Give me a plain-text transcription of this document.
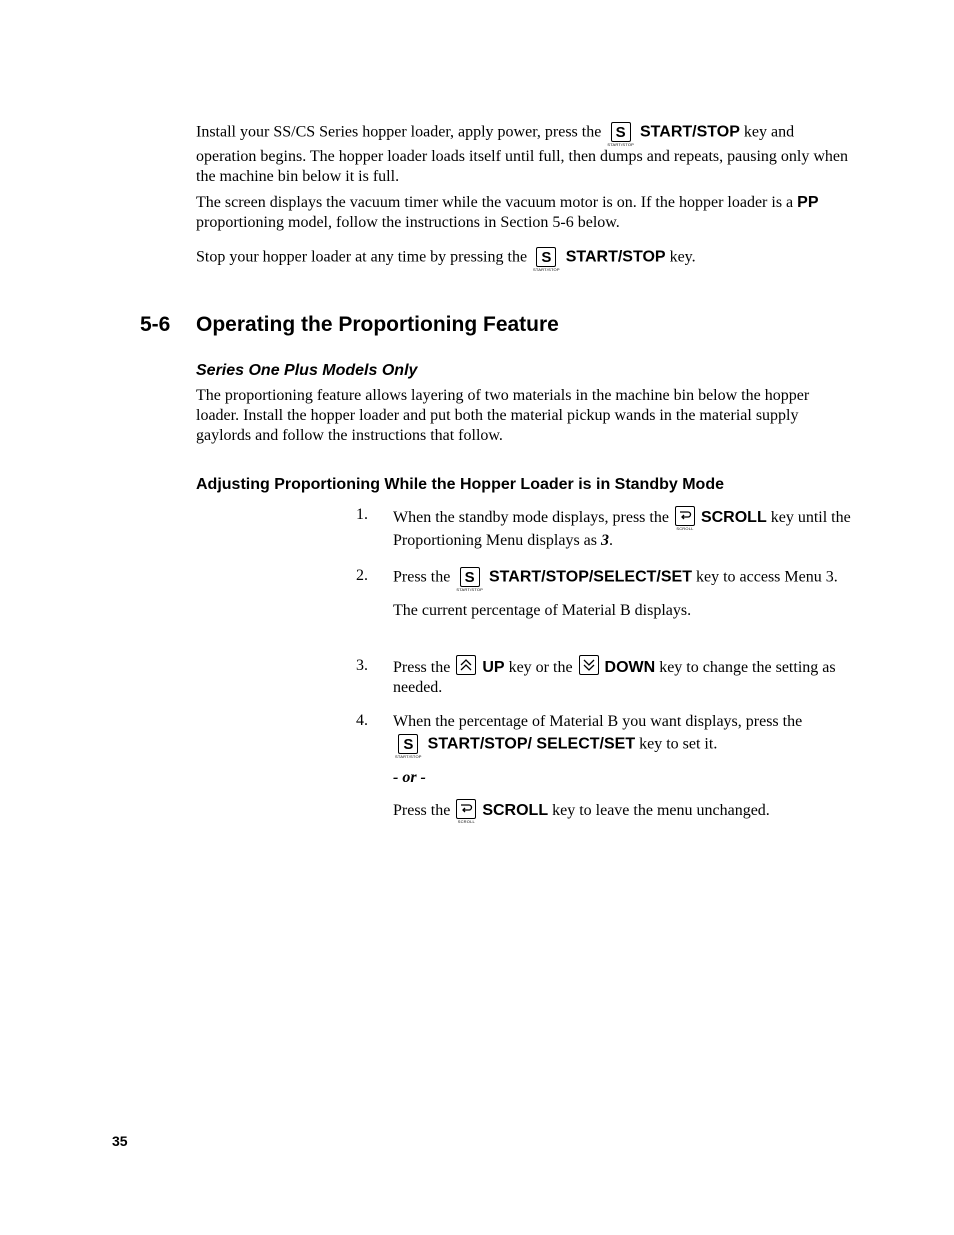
Install your SS/CS Series hopper loader, apply power, press the S
START/STOP
START/STOP key and operation begins. The hopper loader loads itself until full, then dumps and repeats, pausing only when the machine bin below it is full.

The screen displays the vacuum timer while the vacuum motor is on. If the hopper loader is a PP proportioning model, follow the instructions in Section 5-6 below.

Stop your hopper loader at any time by pressing the S
START/STOP
START/STOP key.

5-6 Operating the Proportioning Feature
Series One Plus Models Only

The proportioning feature allows layering of two materials in the machine bin below the hopper loader. Install the hopper loader and put both the material pickup wands in the material supply gaylords and follow the instructions that follow.

Adjusting Proportioning While the Hopper Loader is in Standby Mode
1. When the standby mode displays, press the
SCROLL
SCROLL key until the Proportioning Menu displays as 3.

2. Press the S
START/STOP
START/STOP/SELECT/SET key to access Menu 3.

The current percentage of Material B displays.

3. Press the UP key or the DOWN key to change the setting as needed.

4. When the percentage of Material B you want displays, press the

S
START/STOP
START/STOP/ SELECT/SET key to set it.

- or -

Press the
SCROLL
SCROLL key to leave the menu unchanged.

35
